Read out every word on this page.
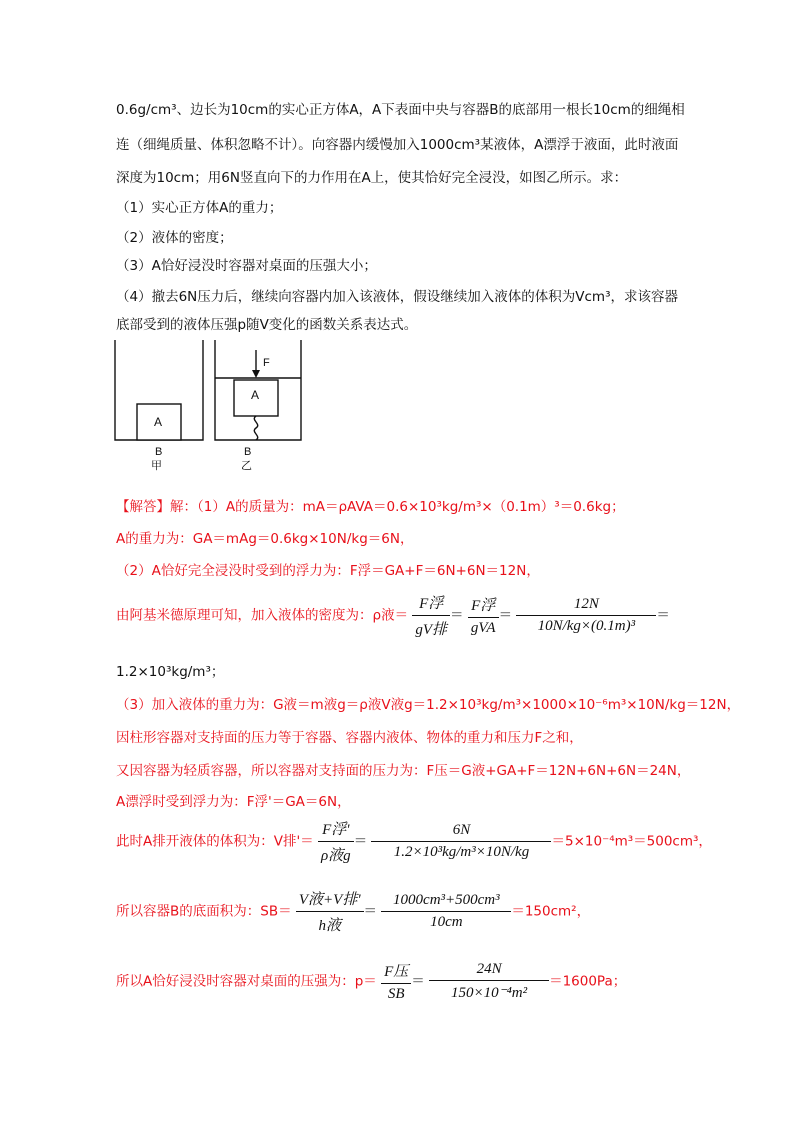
0.6g/cm³、边长为10cm的实心正方体A，A下表面中央与容器B的底部用一根长10cm的细绳相
连（细绳质量、体积忽略不计）。向容器内缓慢加入1000cm³某液体，A漂浮于液面，此时液面
深度为10cm；用6N竖直向下的力作用在A上，使其恰好完全浸没，如图乙所示。求：
（1）实心正方体A的重力；
（2）液体的密度；
（3）A恰好浸没时容器对桌面的压强大小；
（4）撤去6N压力后，继续向容器内加入该液体，假设继续加入液体的体积为Vcm³，求该容器
底部受到的液体压强p随V变化的函数关系表达式。
A
B
甲
F
A
B
乙
【解答】解：（1）A的质量为：mA＝ρAVA＝0.6×10³kg/m³×（0.1m）³＝0.6kg；
A的重力为：GA＝mAg＝0.6kg×10N/kg＝6N，
（2）A恰好完全浸没时受到的浮力为：F浮＝GA+F＝6N+6N＝12N，
由阿基米德原理可知，加入液体的密度为：ρ液＝ $\frac{\text{F浮}}{\text{gV排}} = \frac{\text{F浮}}{\text{gVA}} = \frac{12N}{\text{10N/kg×(0.1m)³}}$ ＝
1.2×10³kg/m³；
（3）加入液体的重力为：G液＝m液g＝ρ液V液g＝1.2×10³kg/m³×1000×10⁻⁶m³×10N/kg＝12N，
因柱形容器对支持面的压力等于容器、容器内液体、物体的重力和压力F之和，
又因容器为轻质容器，所以容器对支持面的压力为：F压＝G液+GA+F＝12N+6N+6N＝24N，
A漂浮时受到浮力为：F浮'＝GA＝6N，
此时A排开液体的体积为：V排'＝ $\frac{\text{F浮'}}{\text{ρ液g}} = \frac{6N}{\text{1.2×10³kg/m³×10N/kg}} =5\times 10^{-4}m^3=500cm^3$，
所以容器B的底面积为：$SB= \frac{\text{V液+V排'}}{\text{h液}} = \frac{\text{1000cm³+500cm³}}{10cm} =150cm^2$，
所以A恰好浸没时容器对桌面的压强为：$p= \frac{\text{F压}}{SB} = \frac{24N}{\text{150×10⁻⁴m²}} =1600Pa$；
